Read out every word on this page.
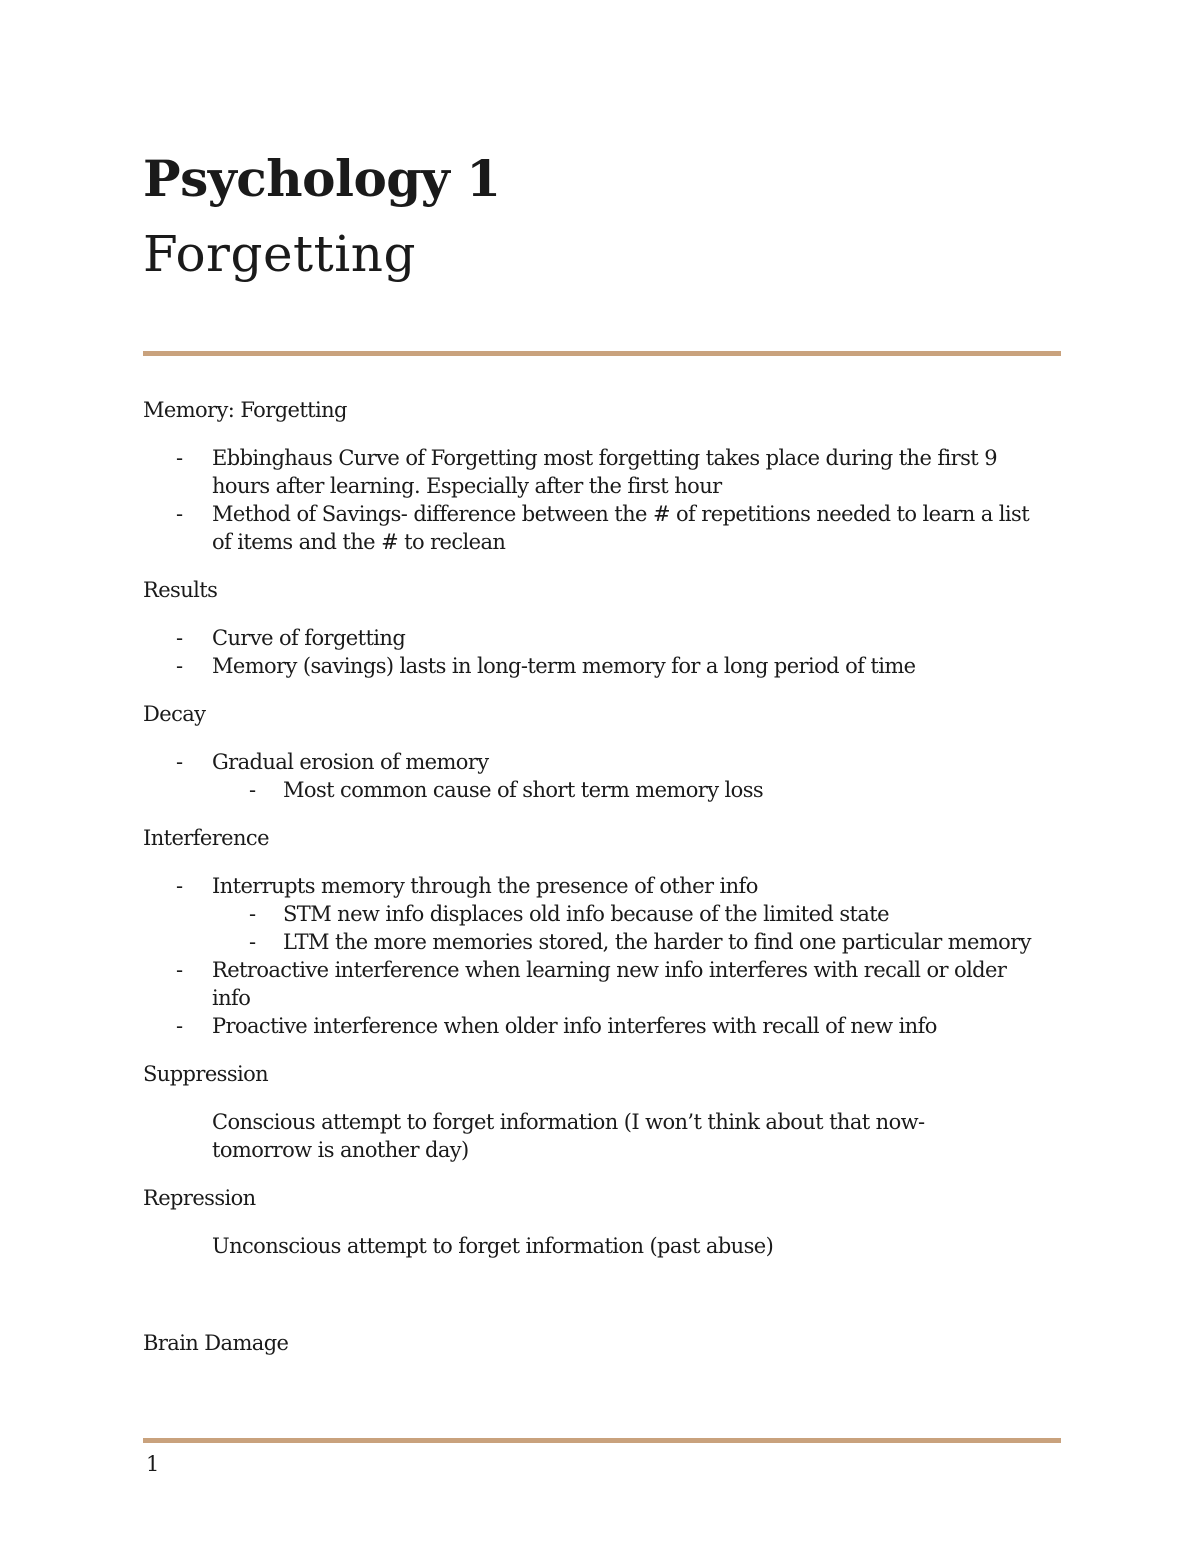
Psychology 1
Forgetting

Memory: Forgetting

- Ebbinghaus Curve of Forgetting most forgetting takes place during the first 9 hours after learning. Especially after the first hour

- Method of Savings- difference between the # of repetitions needed to learn a list of items and the # to reclean

Results

- Curve of forgetting

- Memory (savings) lasts in long-term memory for a long period of time

Decay

- Gradual erosion of memory

- Most common cause of short term memory loss

Interference

- Interrupts memory through the presence of other info

- STM new info displaces old info because of the limited state

- LTM the more memories stored, the harder to find one particular memory

- Retroactive interference when learning new info interferes with recall or older info

- Proactive interference when older info interferes with recall of new info

Suppression

Conscious attempt to forget information (I won’t think about that now- tomorrow is another day)

Repression

Unconscious attempt to forget information (past abuse)

Brain Damage

1
